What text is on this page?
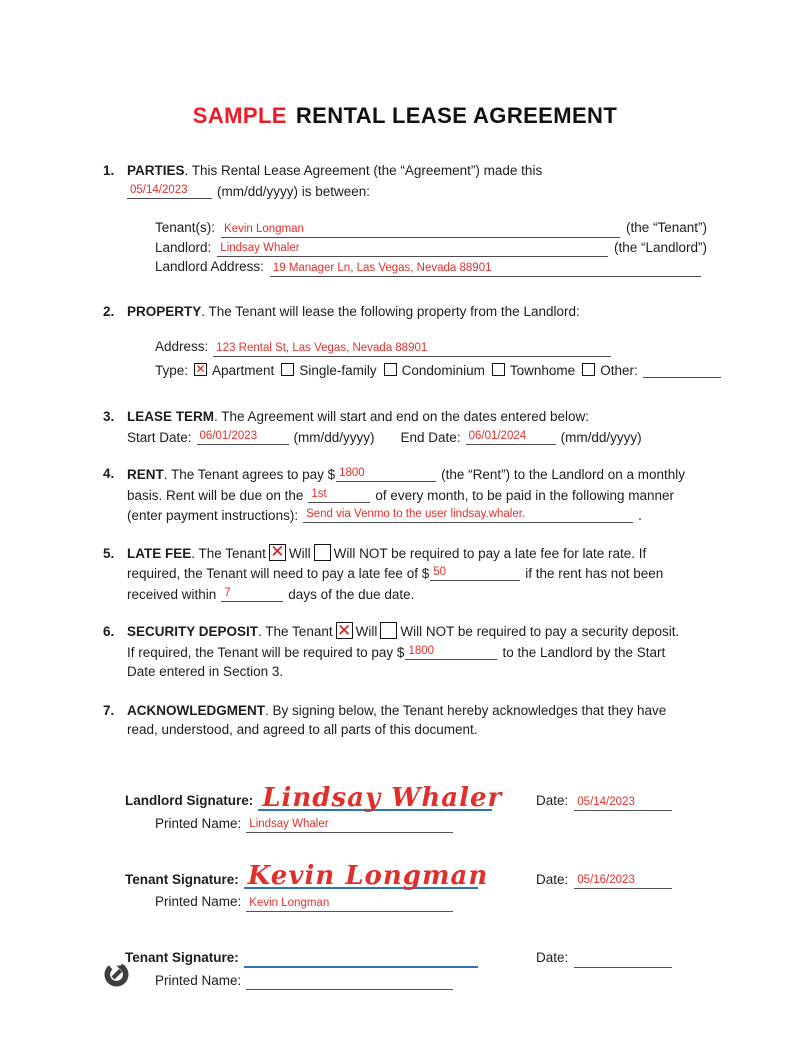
SAMPLE RENTAL LEASE AGREEMENT
1. PARTIES. This Rental Lease Agreement (the “Agreement”) made this
05/14/2023 (mm/dd/yyyy) is between:
Tenant(s): Kevin Longman	(the “Tenant”)
Landlord: Lindsay Whaler	(the “Landlord”)
Landlord Address: 19 Manager Ln, Las Vegas, Nevada 88901
2. PROPERTY. The Tenant will lease the following property from the Landlord:
Address: 123 Rental St, Las Vegas, Nevada 88901
Type: ✕ Apartment Single-family Condominium Townhome Other:
3. LEASE TERM. The Agreement will start and end on the dates entered below:
Start Date: 06/01/2023	(mm/dd/yyyy) End Date: 06/01/2024	(mm/dd/yyyy)
4. RENT. The Tenant agrees to pay $ 1800	(the “Rent”) to the Landlord on a monthly
basis. Rent will be due on the 1st	of every month, to be paid in the following manner
(enter payment instructions): Send via Venmo to the user lindsay.whaler.	.
5. LATE FEE. The Tenant ✕ Will Will NOT be required to pay a late fee for late rate. If
required, the Tenant will need to pay a late fee of $ 50	if the rent has not been
received within 7	days of the due date.
6. SECURITY DEPOSIT. The Tenant ✕ Will Will NOT be required to pay a security deposit.
If required, the Tenant will be required to pay $ 1800	to the Landlord by the Start
Date entered in Section 3.
7. ACKNOWLEDGMENT. By signing below, the Tenant hereby acknowledges that they have
read, understood, and agreed to all parts of this document.
Landlord Signature: Lindsay Whaler	Date: 05/14/2023
Printed Name: Lindsay Whaler
Tenant Signature: Kevin Longman	Date: 05/16/2023
Printed Name: Kevin Longman
Tenant Signature:	Date:
Printed Name:
